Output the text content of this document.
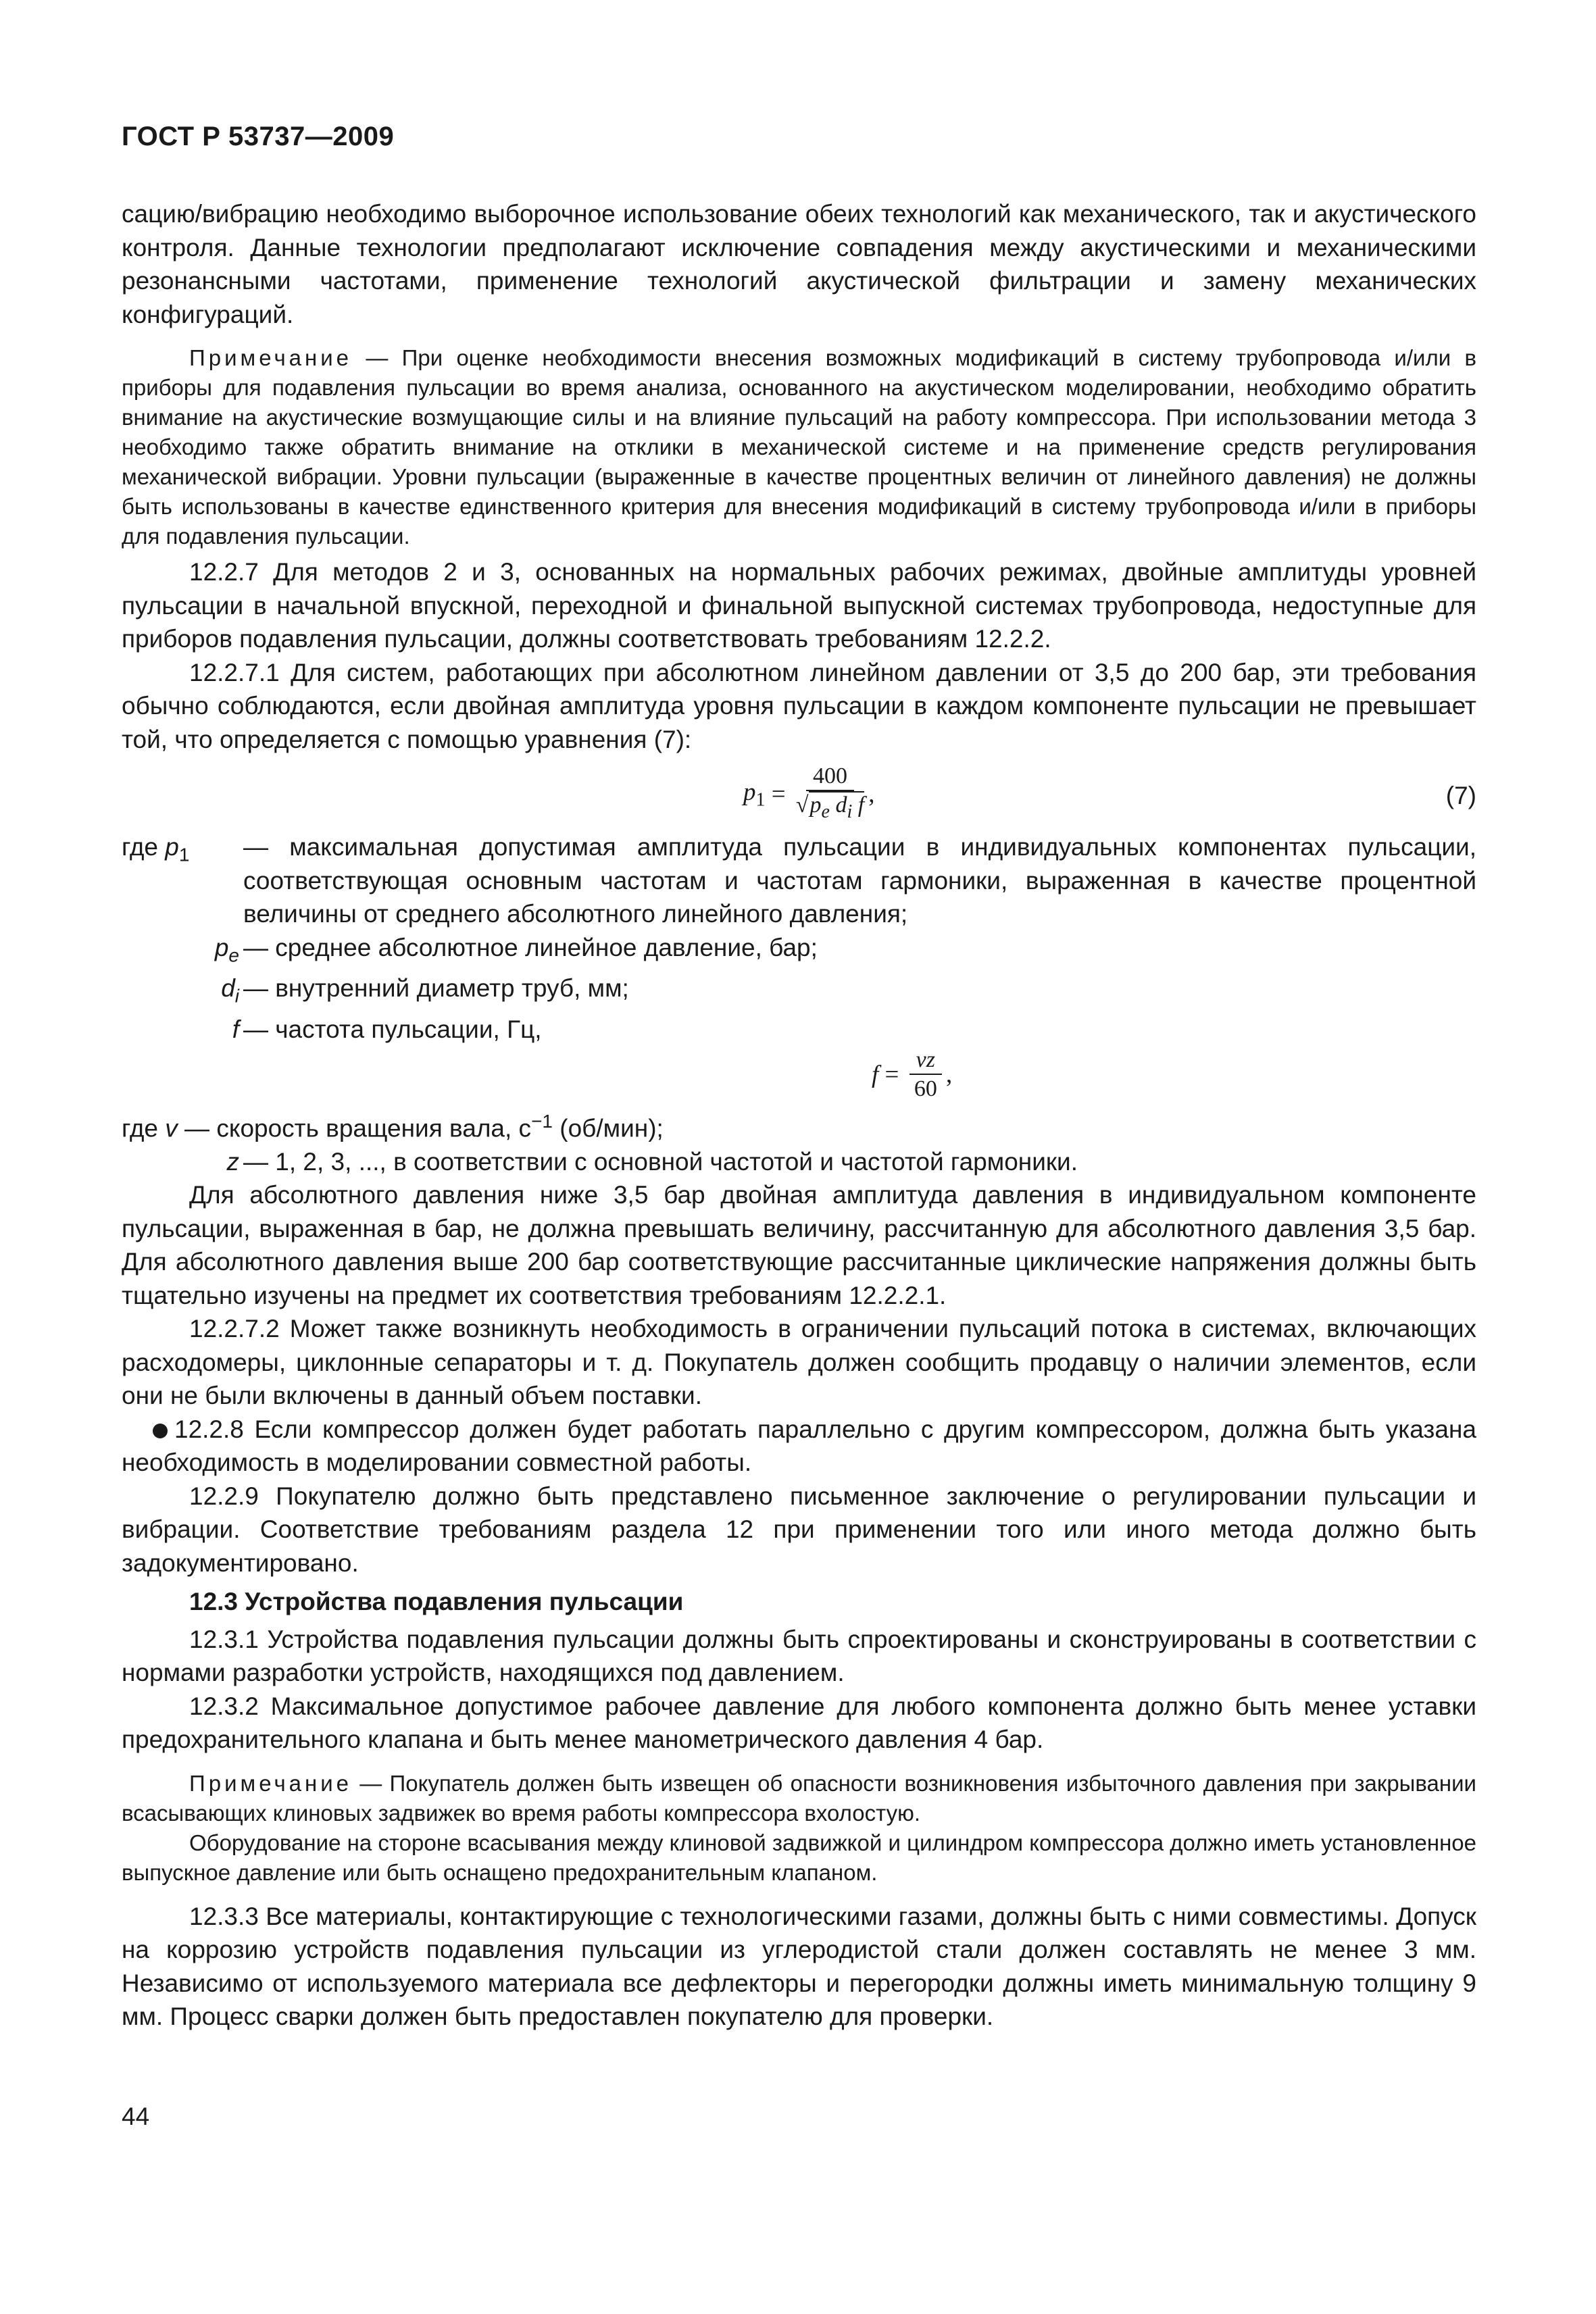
ГОСТ Р 53737—2009

сацию/вибрацию необходимо выборочное использование обеих технологий как механического, так и акустического контроля. Данные технологии предполагают исключение совпадения между акустическими и механическими резонансными частотами, применение технологий акустической фильтрации и замену механических конфигураций.

Примечание — При оценке необходимости внесения возможных модификаций в систему трубопровода и/или в приборы для подавления пульсации во время анализа, основанного на акустическом моделировании, необходимо обратить внимание на акустические возмущающие силы и на влияние пульсаций на работу компрессора. При использовании метода 3 необходимо также обратить внимание на отклики в механической системе и на применение средств регулирования механической вибрации. Уровни пульсации (выраженные в качестве процентных величин от линейного давления) не должны быть использованы в качестве единственного критерия для внесения модификаций в систему трубопровода и/или в приборы для подавления пульсации.

12.2.7 Для методов 2 и 3, основанных на нормальных рабочих режимах, двойные амплитуды уровней пульсации в начальной впускной, переходной и финальной выпускной системах трубопровода, недоступные для приборов подавления пульсации, должны соответствовать требованиям 12.2.2.

12.2.7.1 Для систем, работающих при абсолютном линейном давлении от 3,5 до 200 бар, эти требования обычно соблюдаются, если двойная амплитуда уровня пульсации в каждом компоненте пульсации не превышает той, что определяется с помощью уравнения (7):

$p_1 = \frac{400}{√p_e d_i f}$ ,	(7)
где $p_1$	— максимальная допустимая амплитуда пульсации в индивидуальных компонентах пульсации, соответствующая основным частотам и частотам гармоники, выраженная в качестве процентной величины от среднего абсолютного линейного давления;
$p_e$ — среднее абсолютное линейное давление, бар;
$d_i$ — внутренний диаметр труб, мм;
f — частота пульсации, Гц,
$f = \frac{vz}{60}$ ,
где v — скорость вращения вала, $с^{-1}$ (об/мин);
z — 1, 2, 3, ..., в соответствии с основной частотой и частотой гармоники.

Для абсолютного давления ниже 3,5 бар двойная амплитуда давления в индивидуальном компоненте пульсации, выраженная в бар, не должна превышать величину, рассчитанную для абсолютного давления 3,5 бар. Для абсолютного давления выше 200 бар соответствующие рассчитанные циклические напряжения должны быть тщательно изучены на предмет их соответствия требованиям 12.2.2.1.

12.2.7.2 Может также возникнуть необходимость в ограничении пульсаций потока в системах, включающих расходомеры, циклонные сепараторы и т. д. Покупатель должен сообщить продавцу о наличии элементов, если они не были включены в данный объем поставки.

12.2.8 Если компрессор должен будет работать параллельно с другим компрессором, должна быть указана необходимость в моделировании совместной работы.

12.2.9 Покупателю должно быть представлено письменное заключение о регулировании пульсации и вибрации. Соответствие требованиям раздела 12 при применении того или иного метода должно быть задокументировано.

12.3 Устройства подавления пульсации

12.3.1 Устройства подавления пульсации должны быть спроектированы и сконструированы в соответствии с нормами разработки устройств, находящихся под давлением.

12.3.2 Максимальное допустимое рабочее давление для любого компонента должно быть менее уставки предохранительного клапана и быть менее манометрического давления 4 бар.

Примечание — Покупатель должен быть извещен об опасности возникновения избыточного давления при закрывании всасывающих клиновых задвижек во время работы компрессора вхолостую.

Оборудование на стороне всасывания между клиновой задвижкой и цилиндром компрессора должно иметь установленное выпускное давление или быть оснащено предохранительным клапаном.

12.3.3 Все материалы, контактирующие с технологическими газами, должны быть с ними совместимы. Допуск на коррозию устройств подавления пульсации из углеродистой стали должен составлять не менее 3 мм. Независимо от используемого материала все дефлекторы и перегородки должны иметь минимальную толщину 9 мм. Процесс сварки должен быть предоставлен покупателю для проверки.

44
